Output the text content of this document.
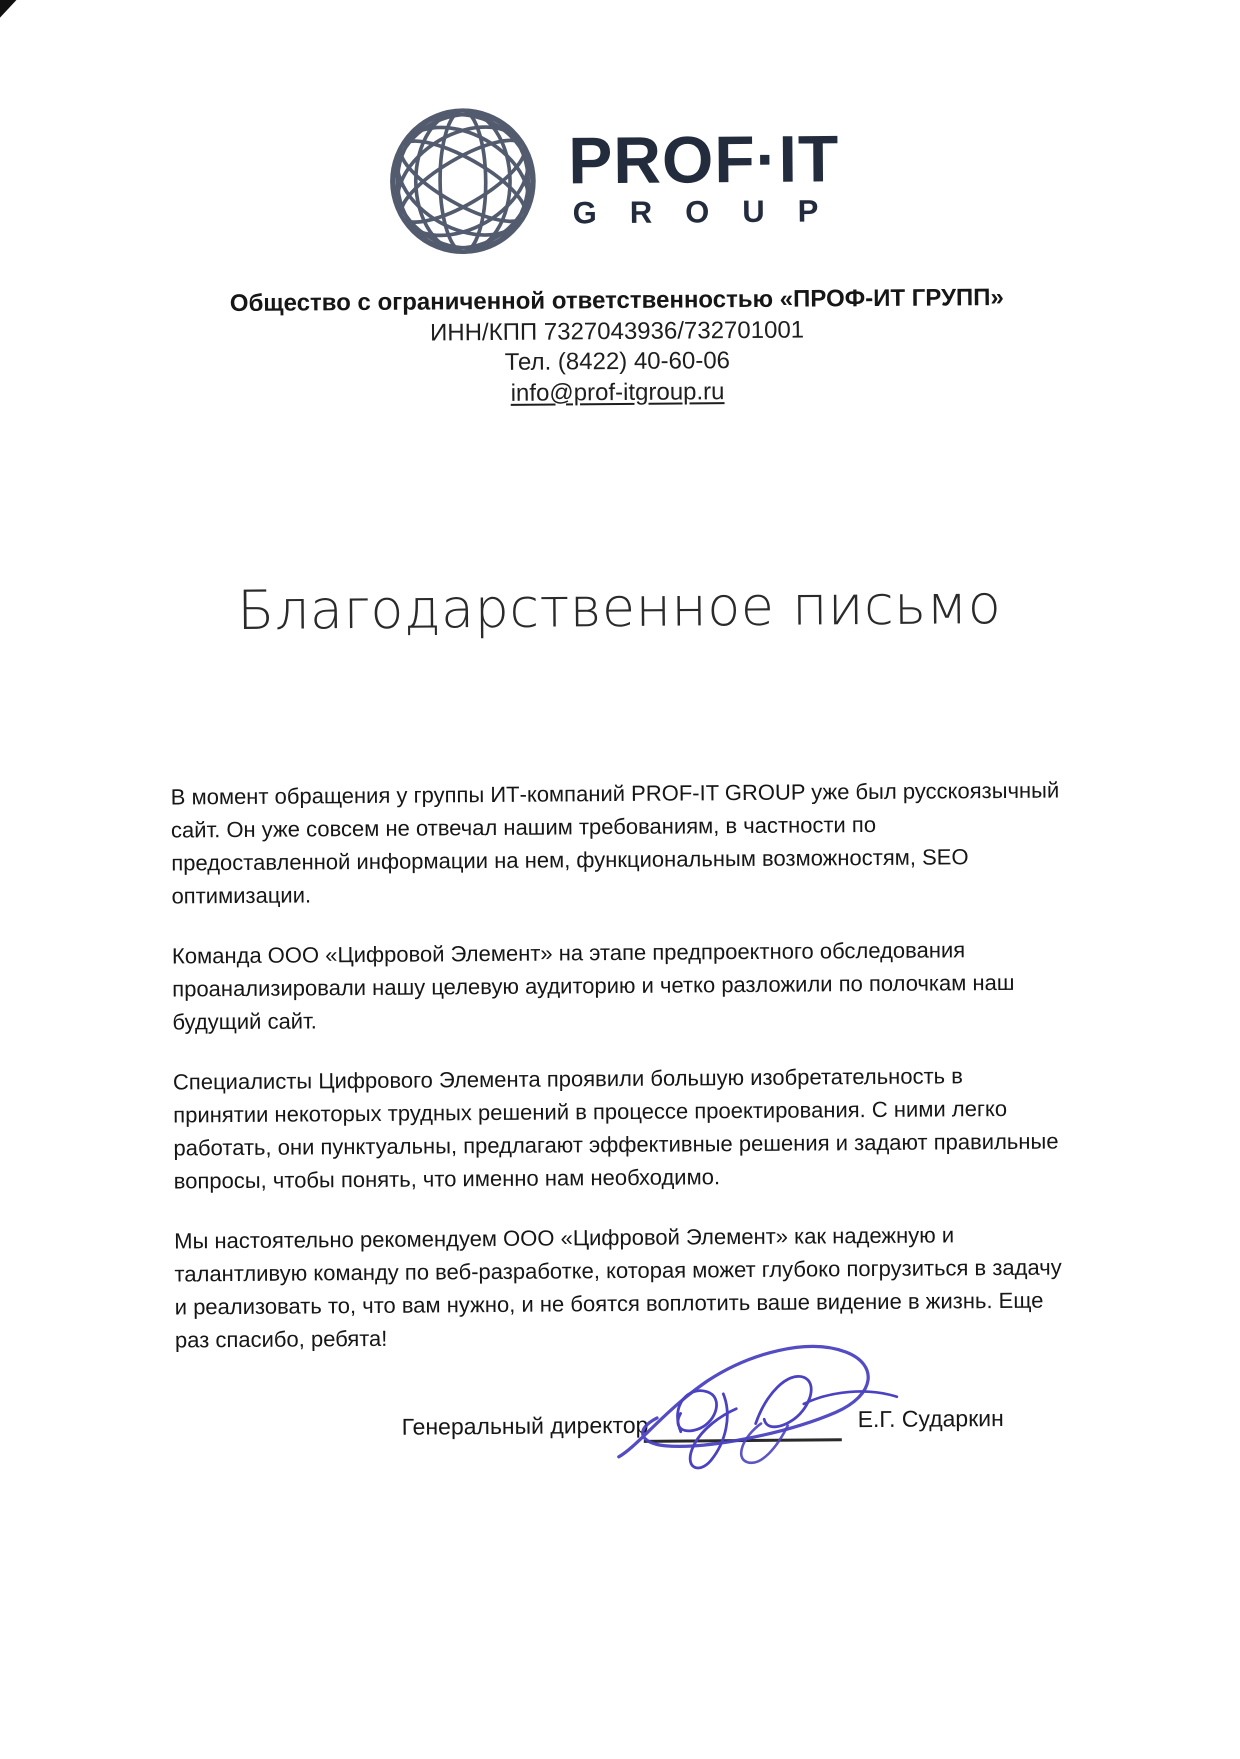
PROF·IT
GROUP
Общество с ограниченной ответственностью «ПРОФ-ИТ ГРУПП»
ИНН/КПП 7327043936/732701001
Тел. (8422) 40-60-06
info@prof-itgroup.ru
Благодарственное письмо

В момент обращения у группы ИТ-компаний PROF-IT GROUP уже был русскоязычный сайт. Он уже совсем не отвечал нашим требованиям, в частности по предоставленной информации на нем, функциональным возможностям, SEO оптимизации.

Команда ООО «Цифровой Элемент» на этапе предпроектного обследования проанализировали нашу целевую аудиторию и четко разложили по полочкам наш будущий сайт.

Специалисты Цифрового Элемента проявили большую изобретательность в принятии некоторых трудных решений в процессе проектирования. С ними легко работать, они пунктуальны, предлагают эффективные решения и задают правильные вопросы, чтобы понять, что именно нам необходимо.

Мы настоятельно рекомендуем ООО «Цифровой Элемент» как надежную и талантливую команду по веб-разработке, которая может глубоко погрузиться в задачу и реализовать то, что вам нужно, и не боятся воплотить ваше видение в жизнь. Еще раз спасибо, ребята!

Генеральный директор	Е.Г. Сударкин
